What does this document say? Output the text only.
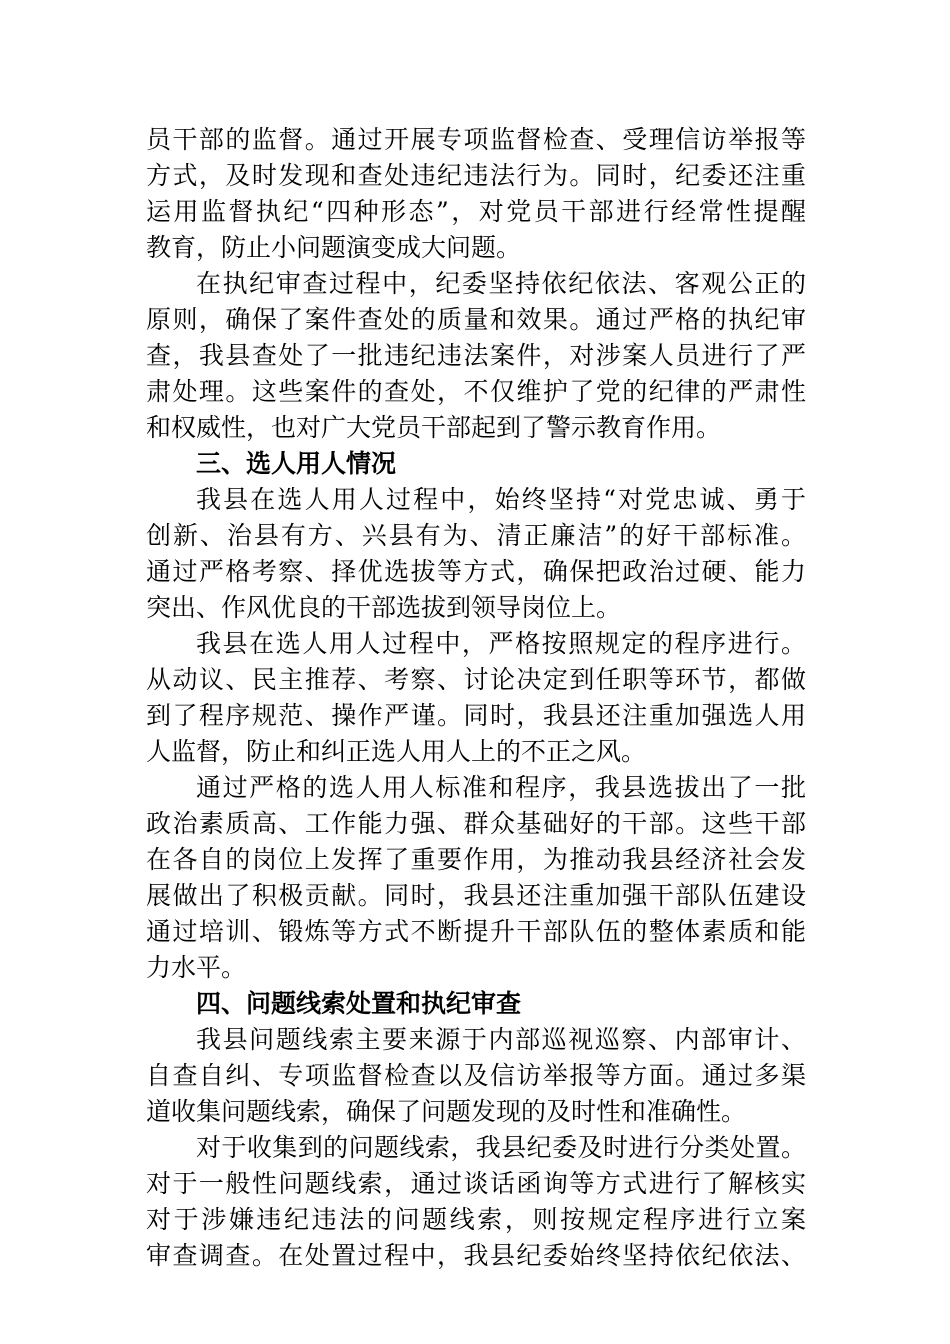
员干部的监督。通过开展专项监督检查、受理信访举报等
方式，及时发现和查处违纪违法行为。同时，纪委还注重
运用监督执纪“四种形态”，对党员干部进行经常性提醒
教育，防止小问题演变成大问题。
在执纪审查过程中，纪委坚持依纪依法、客观公正的
原则，确保了案件查处的质量和效果。通过严格的执纪审
查，我县查处了一批违纪违法案件，对涉案人员进行了严
肃处理。这些案件的查处，不仅维护了党的纪律的严肃性
和权威性，也对广大党员干部起到了警示教育作用。
三、选人用人情况
我县在选人用人过程中，始终坚持“对党忠诚、勇于
创新、治县有方、兴县有为、清正廉洁”的好干部标准。
通过严格考察、择优选拔等方式，确保把政治过硬、能力
突出、作风优良的干部选拔到领导岗位上。
我县在选人用人过程中，严格按照规定的程序进行。
从动议、民主推荐、考察、讨论决定到任职等环节，都做
到了程序规范、操作严谨。同时，我县还注重加强选人用
人监督，防止和纠正选人用人上的不正之风。
通过严格的选人用人标准和程序，我县选拔出了一批
政治素质高、工作能力强、群众基础好的干部。这些干部
在各自的岗位上发挥了重要作用，为推动我县经济社会发
展做出了积极贡献。同时，我县还注重加强干部队伍建设
通过培训、锻炼等方式不断提升干部队伍的整体素质和能
力水平。
四、问题线索处置和执纪审查
我县问题线索主要来源于内部巡视巡察、内部审计、
自查自纠、专项监督检查以及信访举报等方面。通过多渠
道收集问题线索，确保了问题发现的及时性和准确性。
对于收集到的问题线索，我县纪委及时进行分类处置。
对于一般性问题线索，通过谈话函询等方式进行了解核实
对于涉嫌违纪违法的问题线索，则按规定程序进行立案
审查调查。在处置过程中，我县纪委始终坚持依纪依法、
